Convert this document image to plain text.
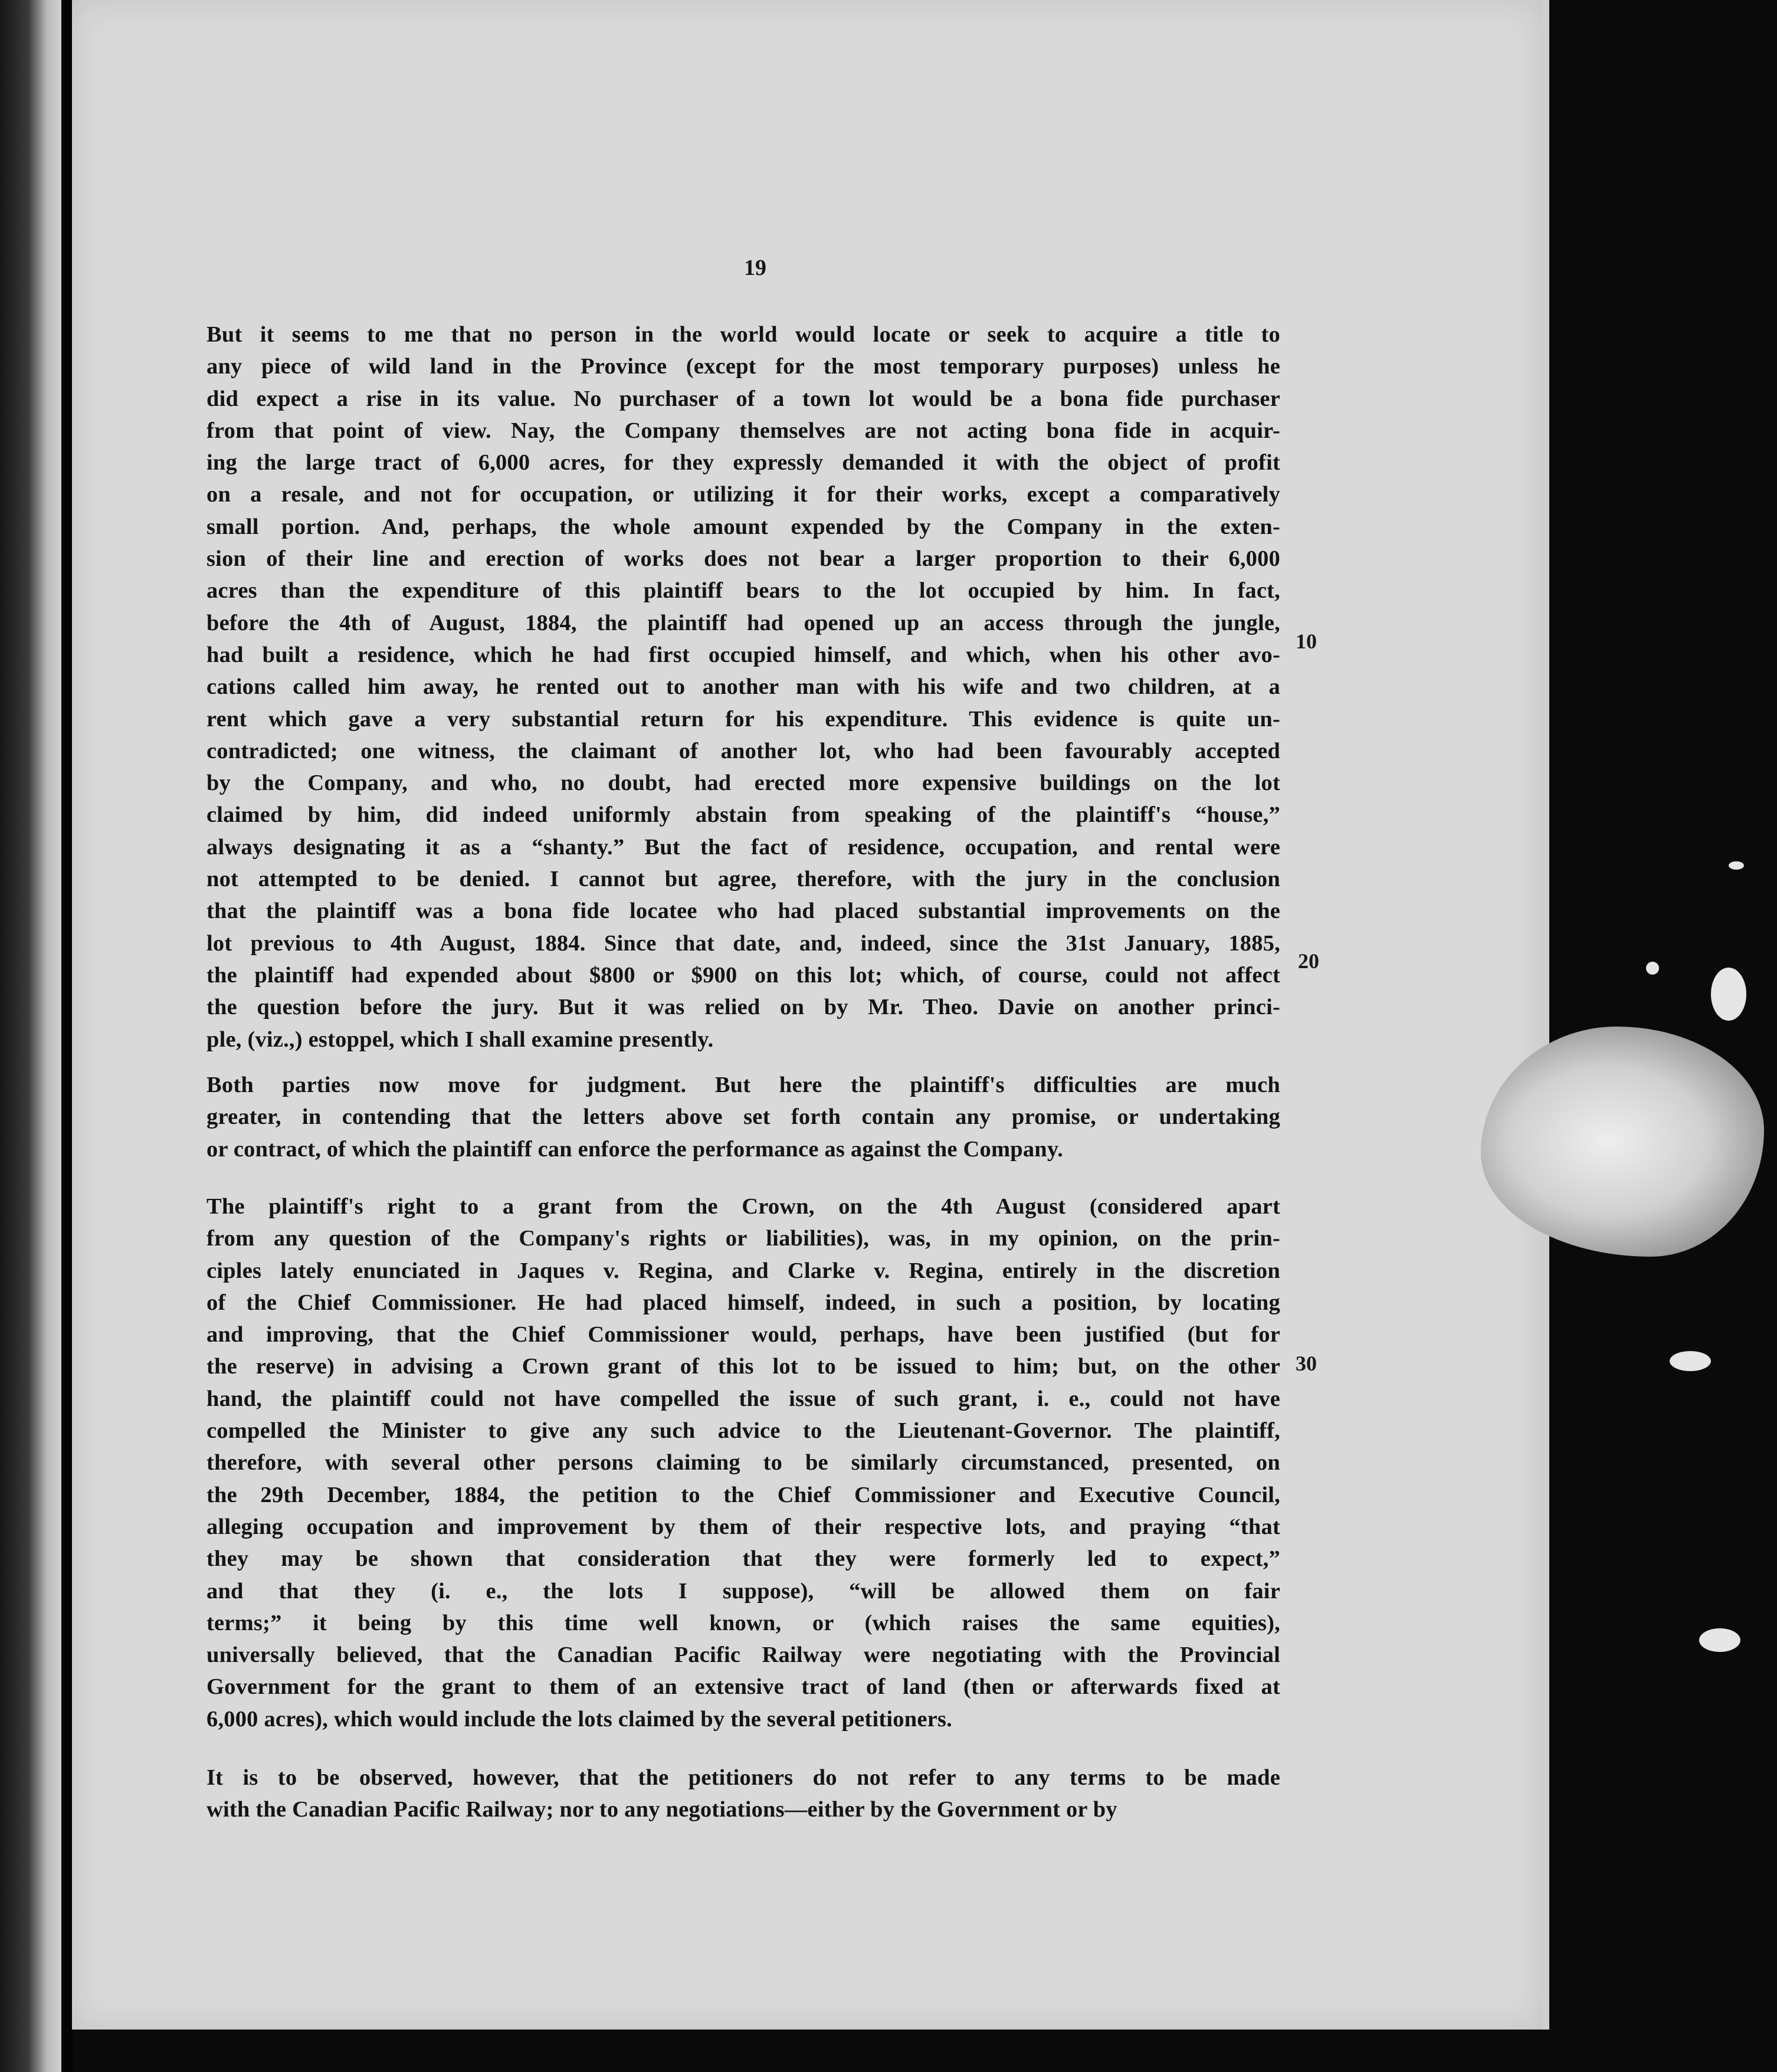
19
But it seems to me that no person in the world would locate or seek to acquire a title to
any piece of wild land in the Province (except for the most temporary purposes) unless he
did expect a rise in its value. No purchaser of a town lot would be a bona fide purchaser
from that point of view. Nay, the Company themselves are not acting bona fide in acquir-
ing the large tract of 6,000 acres, for they expressly demanded it with the object of profit
on a resale, and not for occupation, or utilizing it for their works, except a comparatively
small portion. And, perhaps, the whole amount expended by the Company in the exten-
sion of their line and erection of works does not bear a larger proportion to their 6,000
acres than the expenditure of this plaintiff bears to the lot occupied by him. In fact,
before the 4th of August, 1884, the plaintiff had opened up an access through the jungle,
had built a residence, which he had first occupied himself, and which, when his other avo-
cations called him away, he rented out to another man with his wife and two children, at a
rent which gave a very substantial return for his expenditure. This evidence is quite un-
contradicted; one witness, the claimant of another lot, who had been favourably accepted
by the Company, and who, no doubt, had erected more expensive buildings on the lot
claimed by him, did indeed uniformly abstain from speaking of the plaintiff's “house,”
always designating it as a “shanty.” But the fact of residence, occupation, and rental were
not attempted to be denied. I cannot but agree, therefore, with the jury in the conclusion
that the plaintiff was a bona fide locatee who had placed substantial improvements on the
lot previous to 4th August, 1884. Since that date, and, indeed, since the 31st January, 1885,
the plaintiff had expended about $800 or $900 on this lot; which, of course, could not affect
the question before the jury. But it was relied on by Mr. Theo. Davie on another princi-
ple, (viz.,) estoppel, which I shall examine presently.
Both parties now move for judgment. But here the plaintiff's difficulties are much
greater, in contending that the letters above set forth contain any promise, or undertaking
or contract, of which the plaintiff can enforce the performance as against the Company.
The plaintiff's right to a grant from the Crown, on the 4th August (considered apart
from any question of the Company's rights or liabilities), was, in my opinion, on the prin-
ciples lately enunciated in Jaques v. Regina, and Clarke v. Regina, entirely in the discretion
of the Chief Commissioner. He had placed himself, indeed, in such a position, by locating
and improving, that the Chief Commissioner would, perhaps, have been justified (but for
the reserve) in advising a Crown grant of this lot to be issued to him; but, on the other
hand, the plaintiff could not have compelled the issue of such grant, i. e., could not have
compelled the Minister to give any such advice to the Lieutenant-Governor. The plaintiff,
therefore, with several other persons claiming to be similarly circumstanced, presented, on
the 29th December, 1884, the petition to the Chief Commissioner and Executive Council,
alleging occupation and improvement by them of their respective lots, and praying “that
they may be shown that consideration that they were formerly led to expect,”
and that they (i. e., the lots I suppose), “will be allowed them on fair
terms;” it being by this time well known, or (which raises the same equities),
universally believed, that the Canadian Pacific Railway were negotiating with the Provincial
Government for the grant to them of an extensive tract of land (then or afterwards fixed at
6,000 acres), which would include the lots claimed by the several petitioners.
It is to be observed, however, that the petitioners do not refer to any terms to be made
with the Canadian Pacific Railway; nor to any negotiations—either by the Government or by
10
20
30
